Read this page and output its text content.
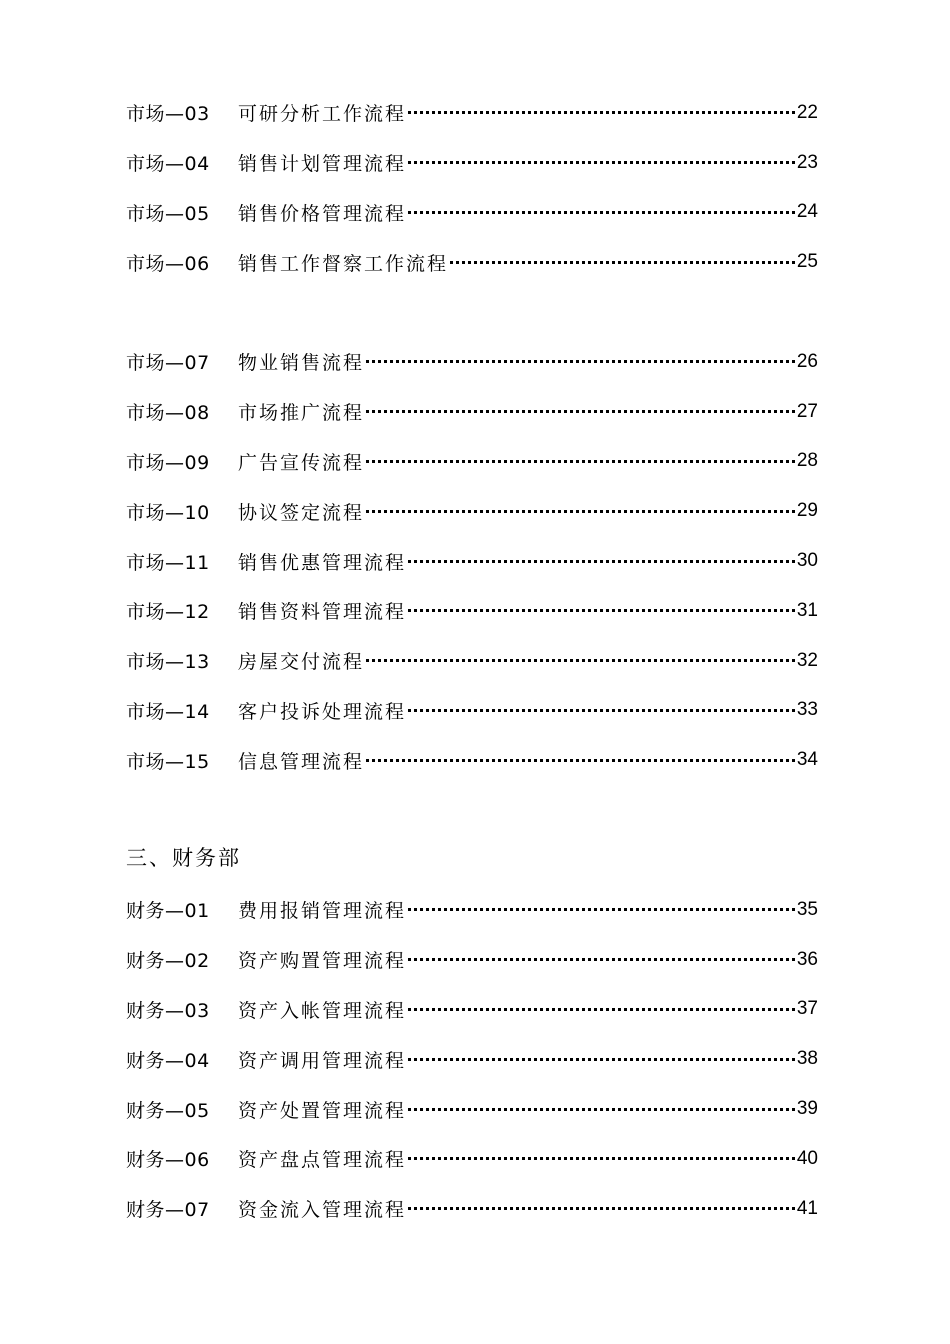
市场—03	可研分析工作流程	22
市场—04	销售计划管理流程	23
市场—05	销售价格管理流程	24
市场—06	销售工作督察工作流程	25
市场—07	物业销售流程	26
市场—08	市场推广流程	27
市场—09	广告宣传流程	28
市场—10	协议签定流程	29
市场—11	销售优惠管理流程	30
市场—12	销售资料管理流程	31
市场—13	房屋交付流程	32
市场—14	客户投诉处理流程	33
市场—15	信息管理流程	34
三、财务部
财务—01	费用报销管理流程	35
财务—02	资产购置管理流程	36
财务—03	资产入帐管理流程	37
财务—04	资产调用管理流程	38
财务—05	资产处置管理流程	39
财务—06	资产盘点管理流程	40
财务—07	资金流入管理流程	41
